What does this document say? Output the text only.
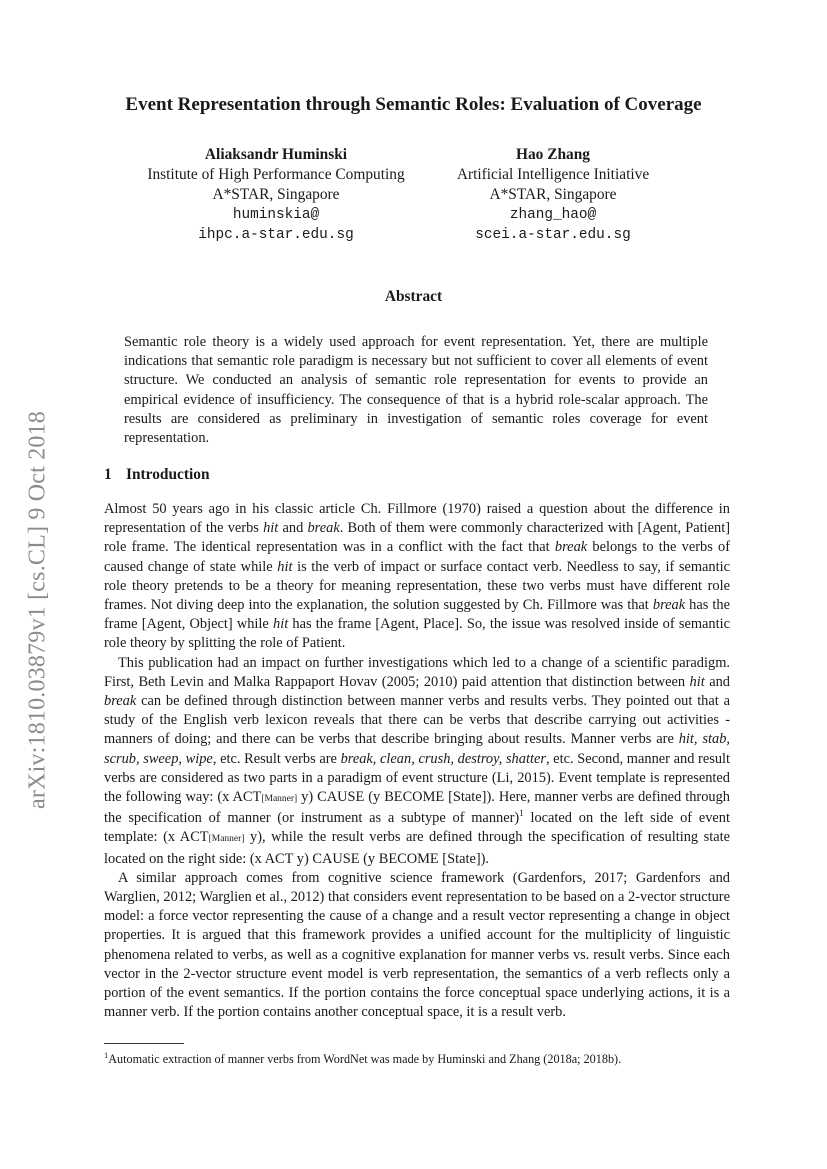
arXiv:1810.03879v1 [cs.CL] 9 Oct 2018
Event Representation through Semantic Roles: Evaluation of Coverage
Aliaksandr Huminski
Institute of High Performance Computing
A*STAR, Singapore
huminskia@
ihpc.a-star.edu.sg
Hao Zhang
Artificial Intelligence Initiative
A*STAR, Singapore
zhang_hao@
scei.a-star.edu.sg
Abstract
Semantic role theory is a widely used approach for event representation. Yet, there are multiple indications that semantic role paradigm is necessary but not sufficient to cover all elements of event structure. We conducted an analysis of semantic role representation for events to provide an empirical evidence of insufficiency. The consequence of that is a hybrid role-scalar approach. The results are considered as preliminary in investigation of semantic roles coverage for event representation.
1 Introduction

Almost 50 years ago in his classic article Ch. Fillmore (1970) raised a question about the difference in representation of the verbs hit and break. Both of them were commonly characterized with [Agent, Patient] role frame. The identical representation was in a conflict with the fact that break belongs to the verbs of caused change of state while hit is the verb of impact or surface contact verb. Needless to say, if semantic role theory pretends to be a theory for meaning representation, these two verbs must have different role frames. Not diving deep into the explanation, the solution suggested by Ch. Fillmore was that break has the frame [Agent, Object] while hit has the frame [Agent, Place]. So, the issue was resolved inside of semantic role theory by splitting the role of Patient.

This publication had an impact on further investigations which led to a change of a scientific paradigm. First, Beth Levin and Malka Rappaport Hovav (2005; 2010) paid attention that distinction between hit and break can be defined through distinction between manner verbs and results verbs. They pointed out that a study of the English verb lexicon reveals that there can be verbs that describe carrying out activities - manners of doing; and there can be verbs that describe bringing about results. Manner verbs are hit, stab, scrub, sweep, wipe, etc. Result verbs are break, clean, crush, destroy, shatter, etc. Second, manner and result verbs are considered as two parts in a paradigm of event structure (Li, 2015). Event template is represented the following way: (x ACT[Manner] y) CAUSE (y BECOME [State]). Here, manner verbs are defined through the specification of manner (or instrument as a subtype of manner)$^1$ located on the left side of event template: (x ACT[Manner] y), while the result verbs are defined through the specification of resulting state located on the right side: (x ACT y) CAUSE (y BECOME [State]).

A similar approach comes from cognitive science framework (Gardenfors, 2017; Gardenfors and Warglien, 2012; Warglien et al., 2012) that considers event representation to be based on a 2-vector structure model: a force vector representing the cause of a change and a result vector representing a change in object properties. It is argued that this framework provides a unified account for the multiplicity of linguistic phenomena related to verbs, as well as a cognitive explanation for manner verbs vs. result verbs. Since each vector in the 2-vector structure event model is verb representation, the semantics of a verb reflects only a portion of the event semantics. If the portion contains the force conceptual space underlying actions, it is a manner verb. If the portion contains another conceptual space, it is a result verb.

$^1$Automatic extraction of manner verbs from WordNet was made by Huminski and Zhang (2018a; 2018b).
